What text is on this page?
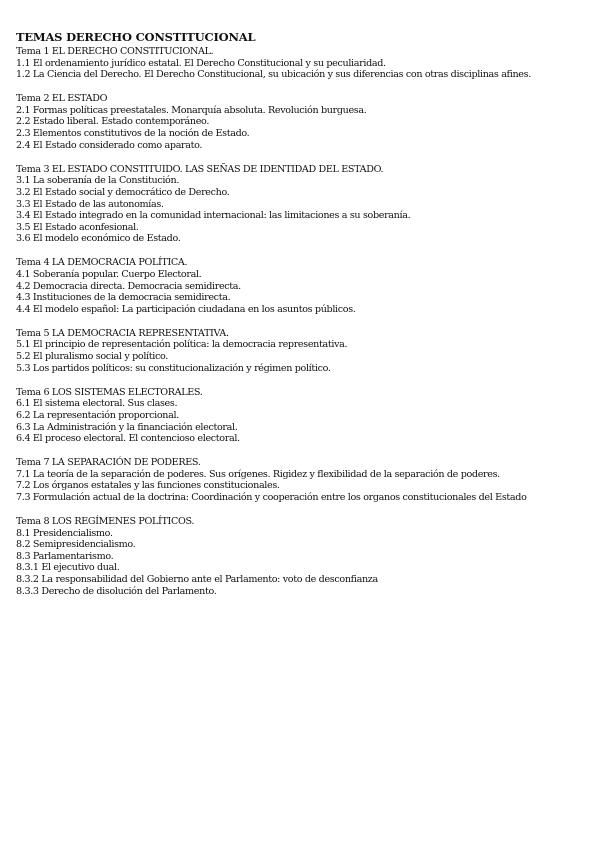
TEMAS DERECHO CONSTITUCIONAL
Tema 1 EL DERECHO CONSTITUCIONAL.
1.1 El ordenamiento jurídico estatal. El Derecho Constitucional y su peculiaridad.
1.2 La Ciencia del Derecho. El Derecho Constitucional, su ubicación y sus diferencias con otras disciplinas afines.
Tema 2 EL ESTADO
2.1 Formas políticas preestatales. Monarquía absoluta. Revolución burguesa.
2.2 Estado liberal. Estado contemporáneo.
2.3 Elementos constitutivos de la noción de Estado.
2.4 El Estado considerado como aparato.
Tema 3 EL ESTADO CONSTITUIDO. LAS SEÑAS DE IDENTIDAD DEL ESTADO.
3.1 La soberanía de la Constitución.
3.2 El Estado social y democrático de Derecho.
3.3 El Estado de las autonomías.
3.4 El Estado integrado en la comunidad internacional: las limitaciones a su soberanía.
3.5 El Estado aconfesional.
3.6 El modelo económico de Estado.
Tema 4 LA DEMOCRACIA POLÍTICA.
4.1 Soberanía popular. Cuerpo Electoral.
4.2 Democracia directa. Democracia semidirecta.
4.3 Instituciones de la democracia semidirecta.
4.4 El modelo español: La participación ciudadana en los asuntos públicos.
Tema 5 LA DEMOCRACIA REPRESENTATIVA.
5.1 El principio de representación política: la democracia representativa.
5.2 El pluralismo social y político.
5.3 Los partidos políticos: su constitucionalización y régimen político.
Tema 6 LOS SISTEMAS ELECTORALES.
6.1 El sistema electoral. Sus clases.
6.2 La representación proporcional.
6.3 La Administración y la financiación electoral.
6.4 El proceso electoral. El contencioso electoral.
Tema 7 LA SEPARACIÓN DE PODERES.
7.1 La teoría de la separación de poderes. Sus orígenes. Rigidez y flexibilidad de la separación de poderes.
7.2 Los órganos estatales y las funciones constitucionales.
7.3 Formulación actual de la doctrina: Coordinación y cooperación entre los organos constitucionales del Estado
Tema 8 LOS REGÍMENES POLÍTICOS.
8.1 Presidencialismo.
8.2 Semipresidencialismo.
8.3 Parlamentarismo.
8.3.1 El ejecutivo dual.
8.3.2 La responsabilidad del Gobierno ante el Parlamento: voto de desconfianza
8.3.3 Derecho de disolución del Parlamento.
